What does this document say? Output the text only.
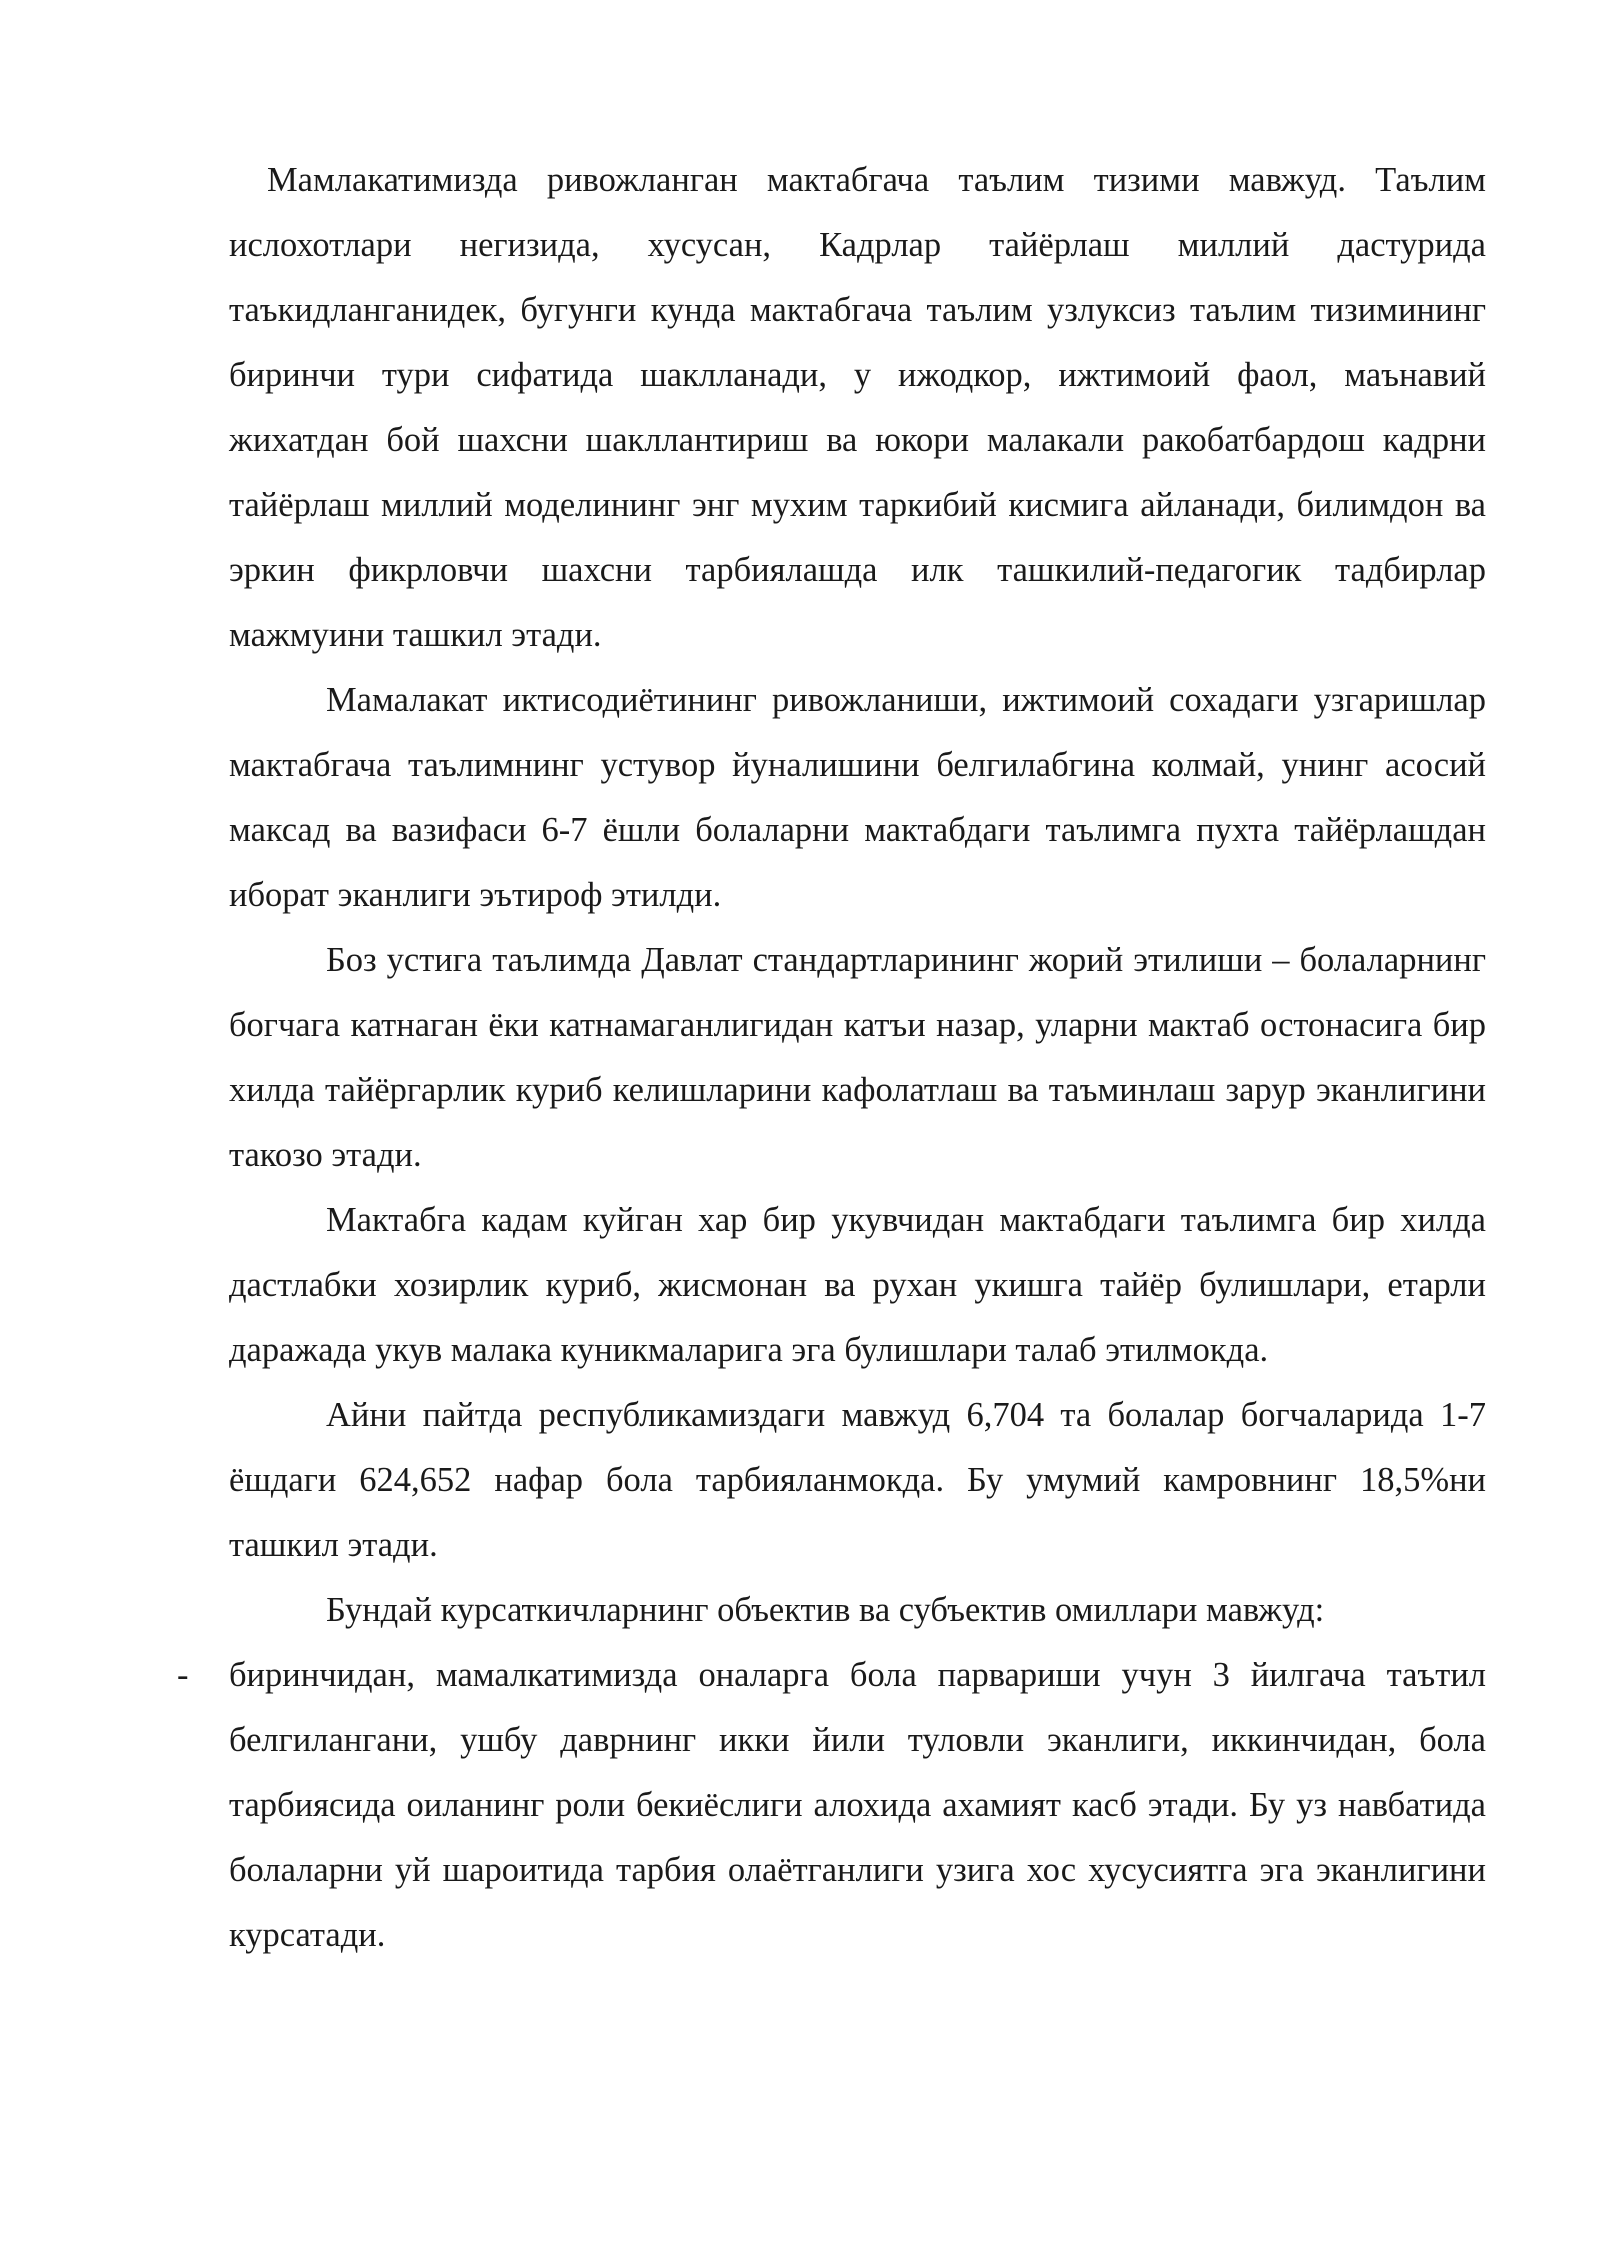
Мамлакатимизда ривожланган мактабгача таълим тизими мавжуд. Таълим ислохотлари негизида, хусусан, Кадрлар тайёрлаш миллий дастурида таъкидланганидек, бугунги кунда мактабгача таълим узлуксиз таълим тизимининг биринчи тури сифатида шаклланади, у ижодкор, ижтимоий фаол, маънавий жихатдан бой шахсни шакллантириш ва юкори малакали ракобатбардош кадрни тайёрлаш миллий моделининг энг мухим таркибий кисмига айланади, билимдон ва эркин фикрловчи шахсни тарбиялашда илк ташкилий-педагогик тадбирлар мажмуини ташкил этади.

Мамалакат иктисодиётининг ривожланиши, ижтимоий сохадаги узгаришлар мактабгача таълимнинг устувор йуналишини белгилабгина колмай, унинг асосий максад ва вазифаси 6-7 ёшли болаларни мактабдаги таълимга пухта тайёрлашдан иборат эканлиги эътироф этилди.

Боз устига таълимда Давлат стандартларининг жорий этилиши – болаларнинг богчага катнаган ёки катнамаганлигидан катъи назар, уларни мактаб остонасига бир хилда тайёргарлик куриб келишларини кафолатлаш ва таъминлаш зарур эканлигини такозо этади.

Мактабга кадам куйган хар бир укувчидан мактабдаги таълимга бир хилда дастлабки хозирлик куриб, жисмонан ва рухан укишга тайёр булишлари, етарли даражада укув малака куникмаларига эга булишлари талаб этилмокда.

Айни пайтда республикамиздаги мавжуд 6,704 та болалар богчаларида 1-7 ёшдаги 624,652 нафар бола тарбияланмокда. Бу умумий камровнинг 18,5%ни ташкил этади.

Бундай курсаткичларнинг объектив ва субъектив омиллари мавжуд:

- биринчидан, мамалкатимизда оналарга бола парвариши учун 3 йилгача таътил белгилангани, ушбу даврнинг икки йили туловли эканлиги, иккинчидан, бола тарбиясида оиланинг роли бекиёслиги алохида ахамият касб этади. Бу уз навбатида болаларни уй шароитида тарбия олаётганлиги узига хос хусусиятга эга эканлигини курсатади.
